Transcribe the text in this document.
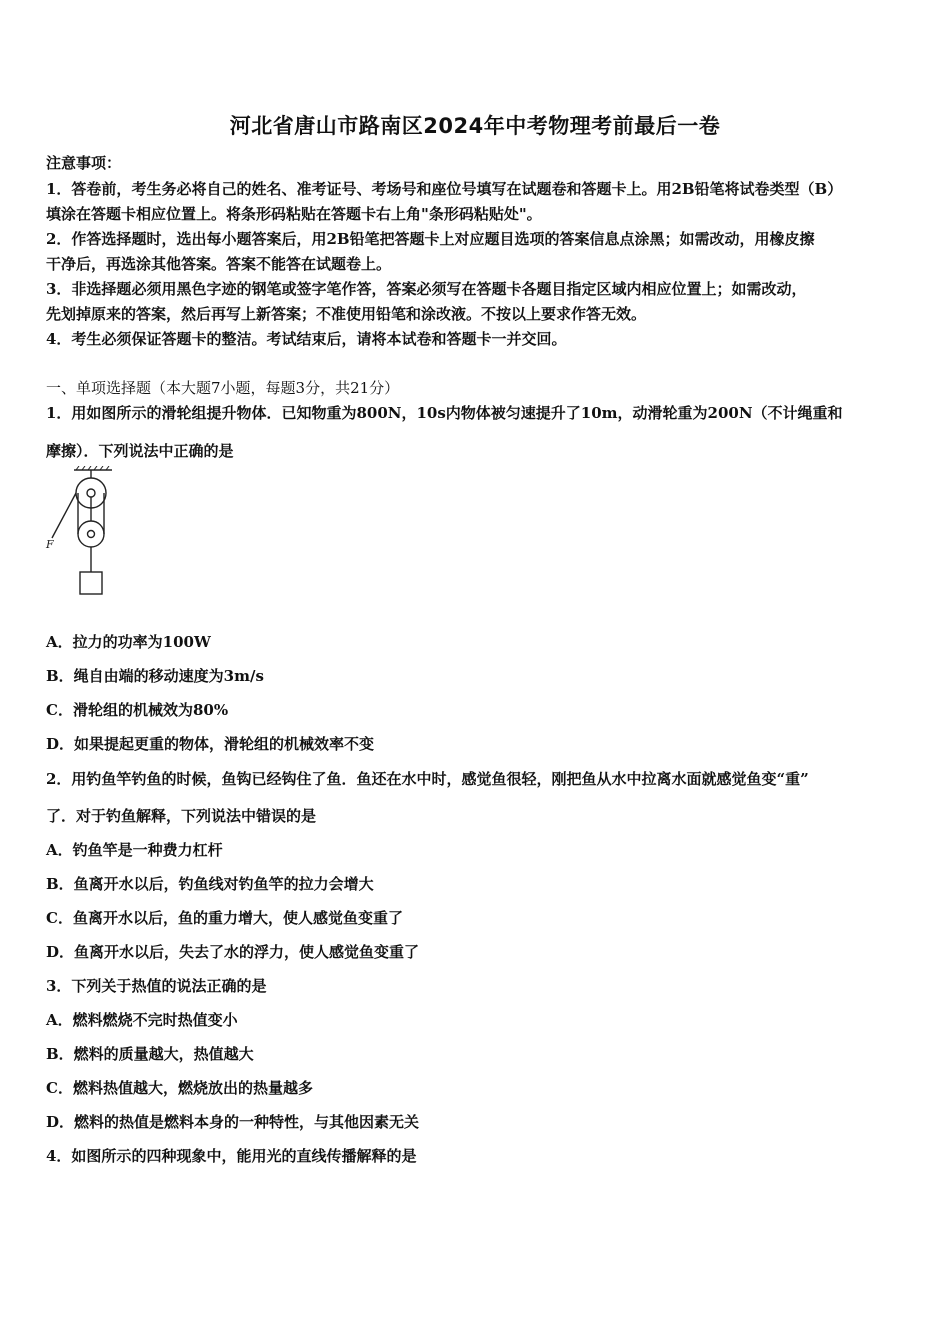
河北省唐山市路南区2024年中考物理考前最后一卷
注意事项：
1．答卷前，考生务必将自己的姓名、准考证号、考场号和座位号填写在试题卷和答题卡上。用2B铅笔将试卷类型（B）
填涂在答题卡相应位置上。将条形码粘贴在答题卡右上角"条形码粘贴处"。
2．作答选择题时，选出每小题答案后，用2B铅笔把答题卡上对应题目选项的答案信息点涂黑；如需改动，用橡皮擦
干净后，再选涂其他答案。答案不能答在试题卷上。
3．非选择题必须用黑色字迹的钢笔或签字笔作答，答案必须写在答题卡各题目指定区域内相应位置上；如需改动，
先划掉原来的答案，然后再写上新答案；不准使用铅笔和涂改液。不按以上要求作答无效。
4．考生必须保证答题卡的整洁。考试结束后，请将本试卷和答题卡一并交回。
一、单项选择题（本大题7小题，每题3分，共21分）
1．用如图所示的滑轮组提升物体．已知物重为800N，10s内物体被匀速提升了10m，动滑轮重为200N（不计绳重和
摩擦）．下列说法中正确的是
F
A．拉力的功率为100W
B．绳自由端的移动速度为3m/s
C．滑轮组的机械效为80%
D．如果提起更重的物体，滑轮组的机械效率不变
2．用钓鱼竿钓鱼的时候，鱼钩已经钩住了鱼．鱼还在水中时，感觉鱼很轻，刚把鱼从水中拉离水面就感觉鱼变“重”
了．对于钓鱼解释，下列说法中错误的是
A．钓鱼竿是一种费力杠杆
B．鱼离开水以后，钓鱼线对钓鱼竿的拉力会增大
C．鱼离开水以后，鱼的重力增大，使人感觉鱼变重了
D．鱼离开水以后，失去了水的浮力，使人感觉鱼变重了
3．下列关于热值的说法正确的是
A．燃料燃烧不完时热值变小
B．燃料的质量越大，热值越大
C．燃料热值越大，燃烧放出的热量越多
D．燃料的热值是燃料本身的一种特性，与其他因素无关
4．如图所示的四种现象中，能用光的直线传播解释的是
